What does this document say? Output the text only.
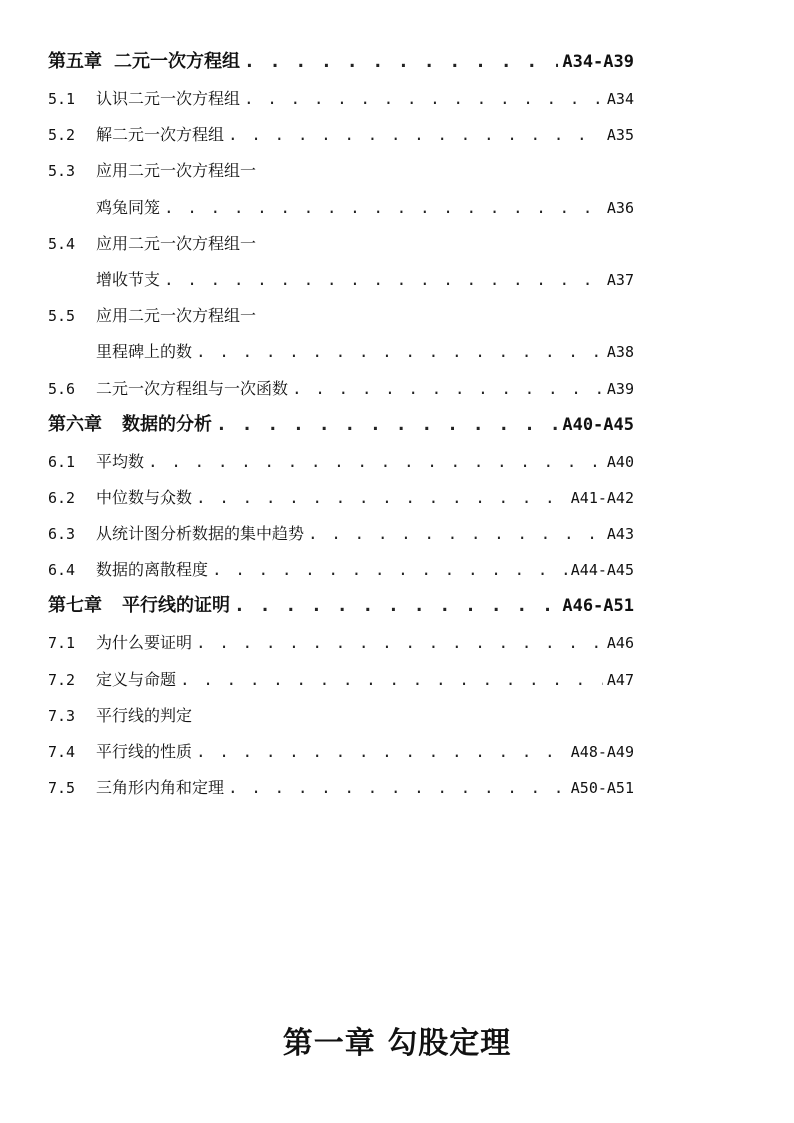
第五章 二元一次方程组 . . .	A34-A39
5.1	认识二元一次方程组 . . .	A34
5.2	解二元一次方程组 . . .	A35
5.3	应用二元一次方程组一
鸡兔同笼 . . .	A36
5.4	应用二元一次方程组一
增收节支 . . .	A37
5.5	应用二元一次方程组一
里程碑上的数 . . .	A38
5.6	二元一次方程组与一次函数 . . .	A39
第六章 数据的分析 . . .	A40-A45
6.1	平均数 . . .	A40
6.2	中位数与众数 . . .	A41-A42
6.3	从统计图分析数据的集中趋势 . . .	A43
6.4	数据的离散程度 . . .	A44-A45
第七章 平行线的证明 . . .	A46-A51
7.1	为什么要证明 . . .	A46
7.2	定义与命题 . . .	A47
7.3	平行线的判定
7.4	平行线的性质 . . .	A48-A49
7.5	三角形内角和定理 . . .	A50-A51
第一章 勾股定理
